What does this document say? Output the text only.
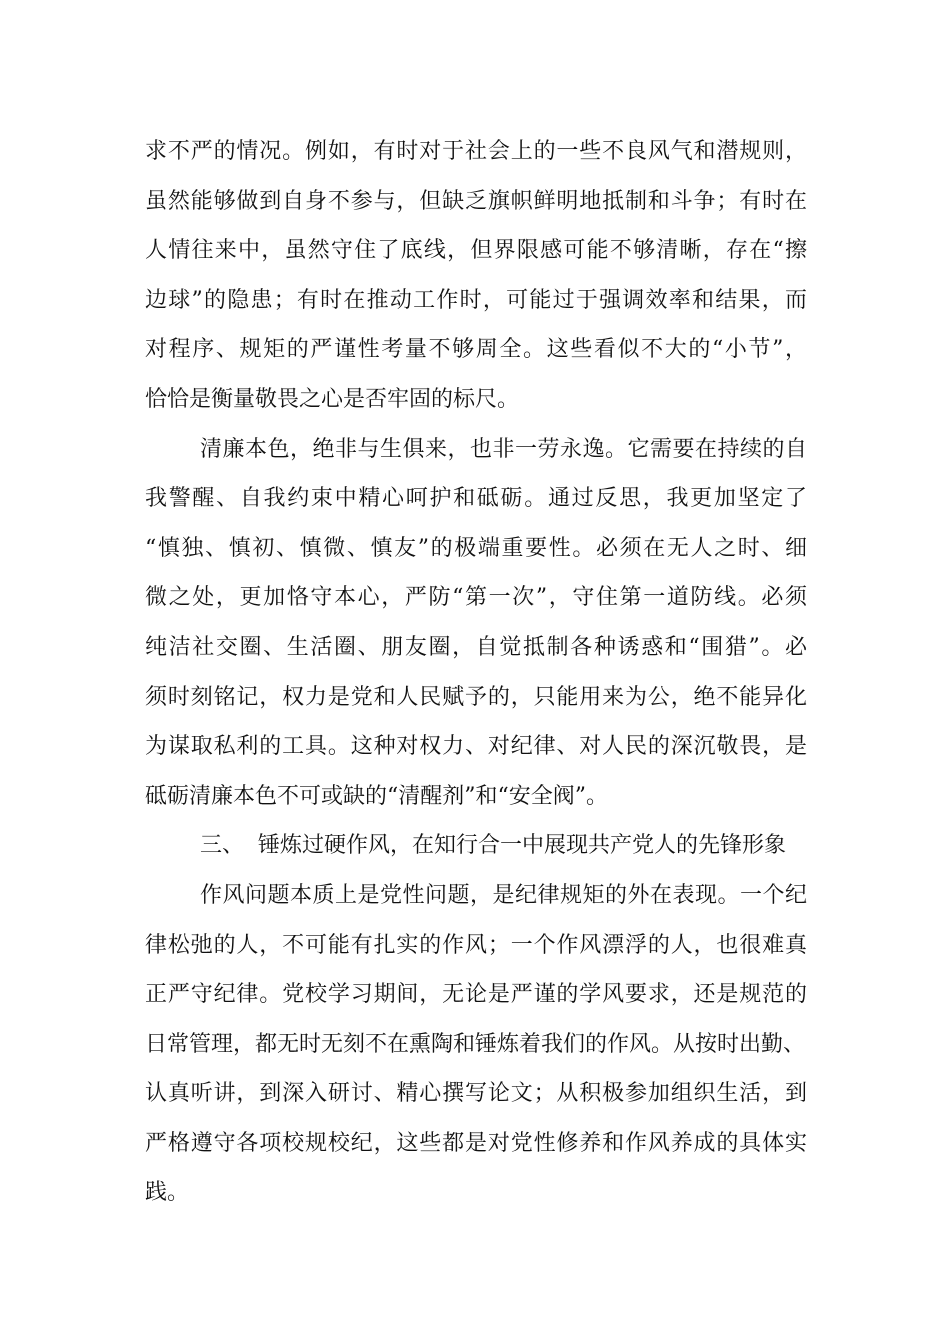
求不严的情况。例如，有时对于社会上的一些不良风气和潜规则，
虽然能够做到自身不参与，但缺乏旗帜鲜明地抵制和斗争；有时在
人情往来中，虽然守住了底线，但界限感可能不够清晰，存在“擦
边球”的隐患；有时在推动工作时，可能过于强调效率和结果，而
对程序、规矩的严谨性考量不够周全。这些看似不大的“小节”，
恰恰是衡量敬畏之心是否牢固的标尺。
清廉本色，绝非与生俱来，也非一劳永逸。它需要在持续的自
我警醒、自我约束中精心呵护和砥砺。通过反思，我更加坚定了
“慎独、慎初、慎微、慎友”的极端重要性。必须在无人之时、细
微之处，更加恪守本心，严防“第一次”，守住第一道防线。必须
纯洁社交圈、生活圈、朋友圈，自觉抵制各种诱惑和“围猎”。必
须时刻铭记，权力是党和人民赋予的，只能用来为公，绝不能异化
为谋取私利的工具。这种对权力、对纪律、对人民的深沉敬畏，是
砥砺清廉本色不可或缺的“清醒剂”和“安全阀”。
三、  锤炼过硬作风，在知行合一中展现共产党人的先锋形象
作风问题本质上是党性问题，是纪律规矩的外在表现。一个纪
律松弛的人，不可能有扎实的作风；一个作风漂浮的人，也很难真
正严守纪律。党校学习期间，无论是严谨的学风要求，还是规范的
日常管理，都无时无刻不在熏陶和锤炼着我们的作风。从按时出勤、
认真听讲，到深入研讨、精心撰写论文；从积极参加组织生活，到
严格遵守各项校规校纪，这些都是对党性修养和作风养成的具体实
践。
